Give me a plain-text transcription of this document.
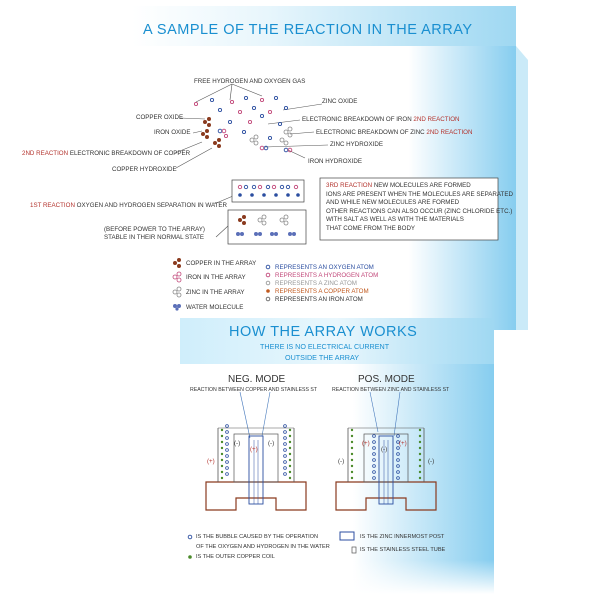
A SAMPLE OF THE REACTION IN THE ARRAY
FREE HYDROGEN AND OXYGEN GAS
ZINC OXIDE
COPPER OXIDE	ELECTRONIC BREAKDOWN OF IRON 2ND REACTION
IRON OXIDE	ELECTRONIC BREAKDOWN OF ZINC 2ND REACTION
ZINC HYDROXIDE
2ND REACTION ELECTRONIC BREAKDOWN OF COPPER
IRON HYDROXIDE
COPPER HYDROXIDE
1ST REACTION OXYGEN AND HYDROGEN SEPARATION IN WATER
(BEFORE POWER TO THE ARRAY)
STABLE IN THEIR NORMAL STATE
3RD REACTION NEW MOLECULES ARE FORMED
IONS ARE PRESENT WHEN THE MOLECULES ARE SEPARATED
AND WHILE NEW MOLECULES ARE FORMED
OTHER REACTIONS CAN ALSO OCCUR (ZINC CHLORIDE ETC.)
WITH SALT AS WELL AS WITH THE MATERIALS
THAT COME FROM THE BODY
COPPER IN THE ARRAY
IRON IN THE ARRAY
ZINC IN THE ARRAY
WATER MOLECULE
REPRESENTS AN OXYGEN ATOM
REPRESENTS A HYDROGEN ATOM
REPRESENTS A ZINC ATOM
REPRESENTS A COPPER ATOM
REPRESENTS AN IRON ATOM
HOW THE ARRAY WORKS
THERE IS NO ELECTRICAL CURRENT
OUTSIDE THE ARRAY
NEG. MODE
REACTION BETWEEN COPPER AND STAINLESS ST
POS. MODE
REACTION BETWEEN ZINC AND STAINLESS ST
(+)
(-)
(+)
(-)
(-)
(+)
(-)
(+)
(-)
IS THE BUBBLE CAUSED BY THE OPERATION
OF THE OXYGEN AND HYDROGEN IN THE WATER
IS THE OUTER COPPER COIL
IS THE ZINC INNERMOST POST
IS THE STAINLESS STEEL TUBE
